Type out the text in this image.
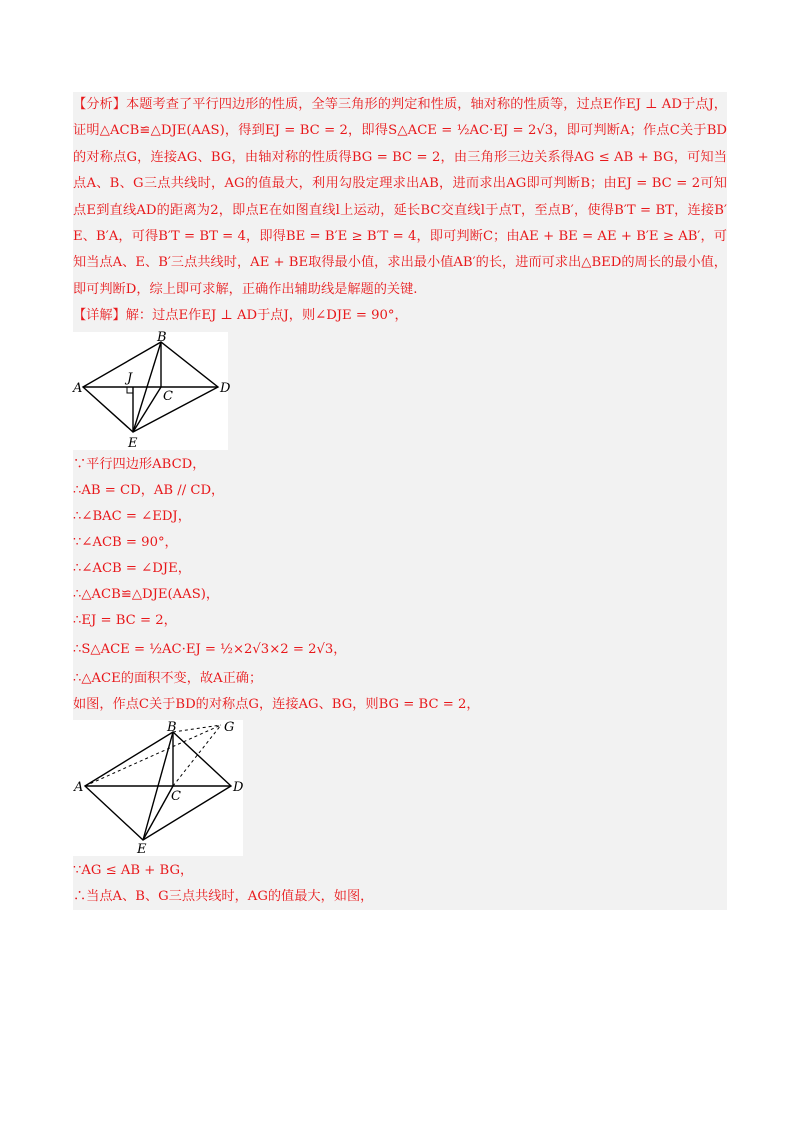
【分析】本题考查了平行四边形的性质，全等三角形的判定和性质，轴对称的性质等，过点E作EJ ⊥ AD于点J，证明△ACB≌△DJE(AAS)，得到EJ = BC = 2，即得S△ACE = ½AC·EJ = 2√3，即可判断A；作点C关于BD的对称点G，连接AG、BG，由轴对称的性质得BG = BC = 2，由三角形三边关系得AG ≤ AB + BG，可知当点A、B、G三点共线时，AG的值最大，利用勾股定理求出AB，进而求出AG即可判断B；由EJ = BC = 2可知点E到直线AD的距离为2，即点E在如图直线l上运动，延长BC交直线l于点T，至点B′，使得B′T = BT，连接B′E、B′A，可得B′T = BT = 4，即得BE = B′E ≥ B′T = 4，即可判断C；由AE + BE = AE + B′E ≥ AB′，可知当点A、E、B′三点共线时，AE + BE取得最小值，求出最小值AB′的长，进而可求出△BED的周长的最小值，即可判断D，综上即可求解，正确作出辅助线是解题的关键.

【详解】解：过点E作EJ ⊥ AD于点J，则∠DJE = 90°，

B
A
J
C
D
E

∵平行四边形ABCD，

∴AB = CD，AB // CD，

∴∠BAC = ∠EDJ，

∵∠ACB = 90°，

∴∠ACB = ∠DJE，

∴△ACB≌△DJE(AAS)，

∴EJ = BC = 2，

∴S△ACE = ½AC·EJ = ½×2√3×2 = 2√3，

∴△ACE的面积不变，故A正确；

如图，作点C关于BD的对称点G，连接AG、BG，则BG = BC = 2，

B	G
A
C
D
E

∵AG ≤ AB + BG，

∴当点A、B、G三点共线时，AG的值最大，如图，
